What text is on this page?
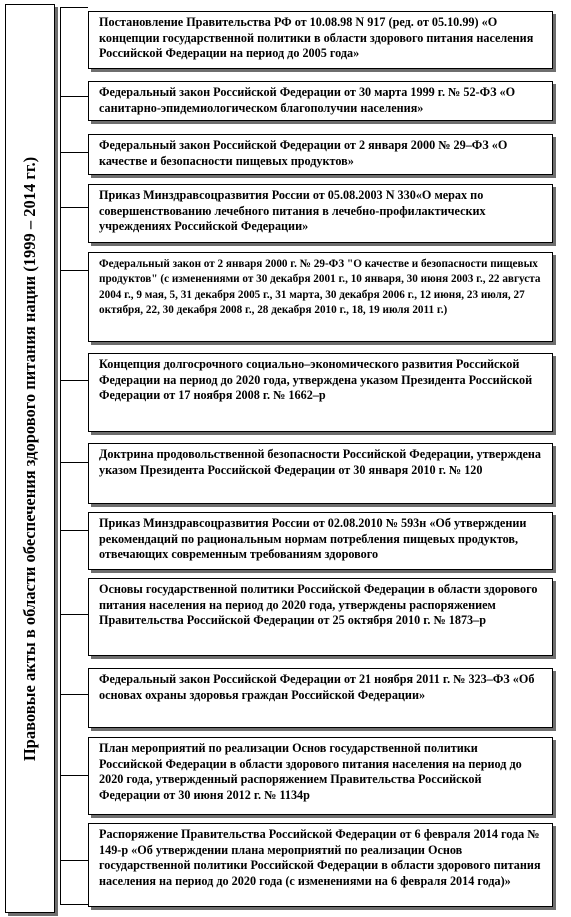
Правовые акты в области обеспечения здорового питания нации (1999 – 2014 гг.)
Постановление Правительства РФ от 10.08.98 N 917 (ред. от 05.10.99) «О концепции государственной политики в области здорового питания населения Российской Федерации на период до 2005 года»
Федеральный закон Российской Федерации от 30 марта 1999 г. № 52-ФЗ «О санитарно-эпидемиологическом благополучии населения»
Федеральный закон Российской Федерации от 2 января 2000 № 29–ФЗ «О качестве и безопасности пищевых продуктов»
Приказ Минздравсоцразвития России от 05.08.2003 N 330«О мерах по совершенствованию лечебного питания в лечебно-профилактических учреждениях Российской Федерации»
Федеральный закон от 2 января 2000 г. № 29-ФЗ "О качестве и безопасности пищевых продуктов" (с изменениями от 30 декабря 2001 г., 10 января, 30 июня 2003 г., 22 августа 2004 г., 9 мая, 5, 31 декабря 2005 г., 31 марта, 30 декабря 2006 г., 12 июня, 23 июля, 27 октября, 22, 30 декабря 2008 г., 28 декабря 2010 г., 18, 19 июля 2011 г.)
Концепция долгосрочного социально–экономического развития Российской Федерации на период до 2020 года, утверждена указом Президента Российской Федерации от 17 ноября 2008 г. № 1662–р
Доктрина продовольственной безопасности Российской Федерации, утверждена указом Президента Российской Федерации от 30 января 2010 г. № 120
Приказ Минздравсоцразвития России от 02.08.2010 № 593н «Об утверждении рекомендаций по рациональным нормам потребления пищевых продуктов, отвечающих современным требованиям здорового
Основы государственной политики Российской Федерации в области здорового питания населения на период до 2020 года, утверждены распоряжением Правительства Российской Федерации от 25 октября 2010 г. № 1873–р
Федеральный закон Российской Федерации от 21 ноября 2011 г. № 323–ФЗ «Об основах охраны здоровья граждан Российской Федерации»
План мероприятий по реализации Основ государственной политики Российской Федерации в области здорового питания населения на период до 2020 года, утвержденный распоряжением Правительства Российской Федерации от 30 июня 2012 г. № 1134р
Распоряжение Правительства Российской Федерации от 6 февраля 2014 года № 149-р «Об утверждении плана мероприятий по реализации Основ государственной политики Российской Федерации в области здорового питания населения на период до 2020 года (с изменениями на 6 февраля 2014 года)»
